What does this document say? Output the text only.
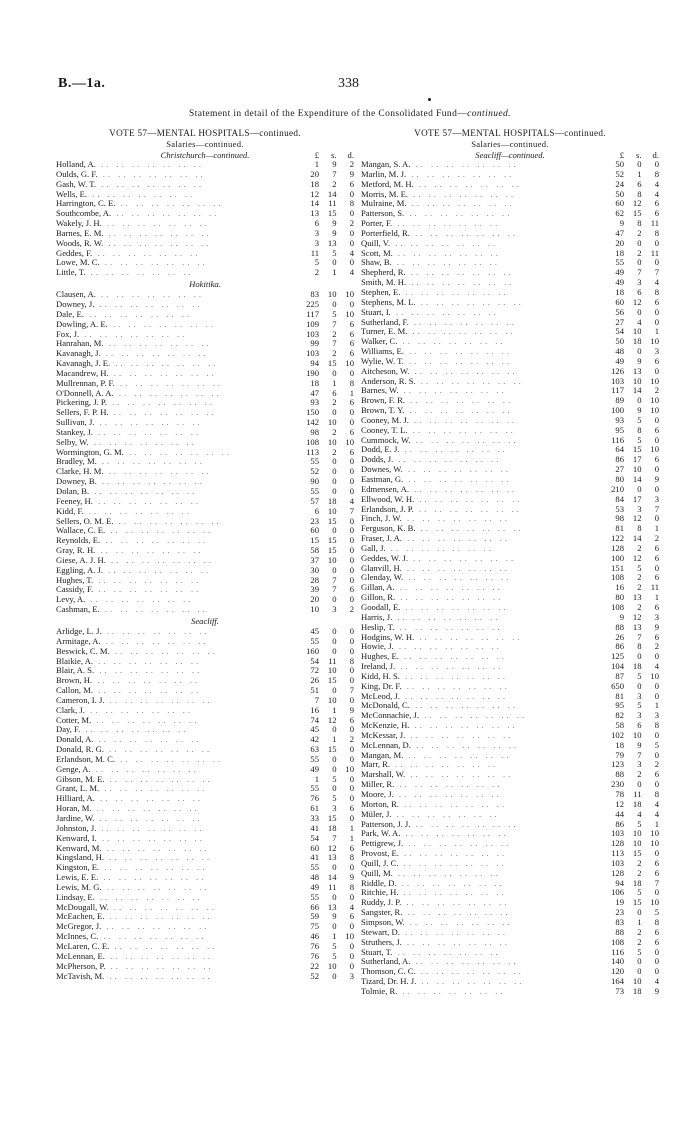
B.—1a.	338
Statement in detail of the Expenditure of the Consolidated Fund—continued.
VOTE 57—MENTAL HOSPITALS—continued.
Salaries—continued.
Christchurch—continued.	£	s.	d.
Holland, A. .. .. .. .. .. .. ..	1	9	2
Oulds, G. F. .. .. .. .. .. .. ..	20	7	9
Gash, W. T. .. .. .. .. .. .. ..	18	2	6
Wells, E. .. .. .. .. .. .. ..	12	14	0
Harrington, C. E. .. .. .. .. .. .. ..	14	11	8
Southcombe, A. .. .. .. .. .. .. ..	13	15	0
Wakely, J. H. .. .. .. .. .. .. ..	6	9	2
Barnes, E. M. .. .. .. .. .. .. ..	3	9	0
Woods, R. W. .. .. .. .. .. .. ..	3	13	0
Geddes, F. .. .. .. .. .. .. ..	11	5	4
Lowe, M. C. .. .. .. .. .. .. ..	5	0	0
Little, T. .. .. .. .. .. .. ..	2	1	4
Hokitika.
Clausen, A. .. .. .. .. .. .. ..	83	10	10
Downey, J. .. .. .. .. .. .. ..	225	0	0
Dale, E. .. .. .. .. .. .. ..	117	5	10
Dowling, A. E. .. .. .. .. .. .. ..	109	7	6
Fox, J. .. .. .. .. .. .. ..	103	2	6
Hanrahan, M. .. .. .. .. .. .. ..	99	7	6
Kavanagh, J. .. .. .. .. .. .. ..	103	2	6
Kavanagh, J. E. .. .. .. .. .. .. ..	94	15	10
Macandrew, H. .. .. .. .. .. .. ..	190	0	0
Mullrennan, P. F. .. .. .. .. .. .. ..	18	1	8
O'Donnell, A. A. .. .. .. .. .. .. ..	47	6	1
Pickering, J. P. .. .. .. .. .. .. ..	93	2	6
Sellers, F. P. H. .. .. .. .. .. .. ..	150	0	0
Sullivan, J. .. .. .. .. .. .. ..	142	10	0
Stankey, J. .. .. .. .. .. .. ..	98	2	6
Selby, W. .. .. .. .. .. .. ..	108	10	10
Wormington, G. M. .. .. .. .. .. .. ..	113	2	6
Bradley, M. .. .. .. .. .. .. ..	55	0	0
Clarke, H. M. .. .. .. .. .. .. ..	52	0	0
Downey, B. .. .. .. .. .. .. ..	90	0	0
Dolan, B. .. .. .. .. .. .. ..	55	0	0
Feeney, H. .. .. .. .. .. .. ..	57	18	4
Kidd, F. .. .. .. .. .. .. ..	6	10	7
Sellers, O. M. E. .. .. .. .. .. .. ..	23	15	0
Wallace, C. E. .. .. .. .. .. .. ..	60	0	0
Reynolds, E. .. .. .. .. .. .. ..	15	15	0
Gray, R. H. .. .. .. .. .. .. ..	58	15	0
Giese, A. J. H. .. .. .. .. .. .. ..	37	10	0
Eggling, A. J. .. .. .. .. .. .. ..	30	0	0
Hughes, T. .. .. .. .. .. .. ..	28	7	0
Cassidy, F. .. .. .. .. .. .. ..	39	7	6
Levy, A. .. .. .. .. .. .. ..	20	0	0
Cashman, E. .. .. .. .. .. .. ..	10	3	2
Seacliff.
Arlidge, L. J. .. .. .. .. .. .. ..	45	0	0
Armitage, A. .. .. .. .. .. .. ..	55	0	0
Beswick, C. M. .. .. .. .. .. .. ..	160	0	0
Blaikie, A. .. .. .. .. .. .. ..	54	11	8
Blair, A. S. .. .. .. .. .. .. ..	72	10	0
Brown, H. .. .. .. .. .. .. ..	26	15	0
Callon, M. .. .. .. .. .. .. ..	51	0	7
Cameron, I. J. .. .. .. .. .. .. ..	7	10	0
Clark, J. .. .. .. .. .. .. ..	16	1	9
Cotter, M. .. .. .. .. .. .. ..	74	12	6
Day, F. .. .. .. .. .. .. ..	45	0	0
Donald, A. .. .. .. .. .. .. ..	42	1	2
Donald, R. G. .. .. .. .. .. .. ..	63	15	0
Erlandson, M. C. .. .. .. .. .. .. ..	55	0	0
Genge, A. .. .. .. .. .. .. ..	49	0	10
Gibson, M. E. .. .. .. .. .. .. ..	1	5	0
Grant, L. M. .. .. .. .. .. .. ..	55	0	0
Hilliard, A. .. .. .. .. .. .. ..	76	5	0
Horan, M. .. .. .. .. .. .. ..	61	3	6
Jardine, W. .. .. .. .. .. .. ..	33	15	0
Johnston, J. .. .. .. .. .. .. ..	41	18	1
Kenward, I. .. .. .. .. .. .. ..	54	7	1
Kenward, M. .. .. .. .. .. .. ..	60	12	6
Kingsland, H. .. .. .. .. .. .. ..	41	13	8
Kingston, E. .. .. .. .. .. .. ..	55	0	0
Lewis, E. E. .. .. .. .. .. .. ..	48	14	9
Lewis, M. G. .. .. .. .. .. .. ..	49	11	8
Lindsay, E. .. .. .. .. .. .. ..	55	0	0
McDougall, W. .. .. .. .. .. .. ..	66	13	4
McEachen, E. .. .. .. .. .. .. ..	59	9	6
McGregor, J. .. .. .. .. .. .. ..	75	0	0
McInnes, C. .. .. .. .. .. .. ..	46	1	10
McLaren, C. E. .. .. .. .. .. .. ..	76	5	0
McLennan, E. .. .. .. .. .. .. ..	76	5	0
McPherson, P. .. .. .. .. .. .. ..	22	10	0
McTavish, M. .. .. .. .. .. .. ..	52	0	3
VOTE 57—MENTAL HOSPITALS—continued.
Salaries—continued.
Seacliff—continued.	£	s.	d.
Mangan, S. A. .. .. .. .. .. .. ..	50	0	0
Marlin, M. J. .. .. .. .. .. .. ..	52	1	8
Metford, M. H. .. .. .. .. .. .. ..	24	6	4
Morris, M. E. .. .. .. .. .. .. ..	50	8	4
Mulraine, M. .. .. .. .. .. .. ..	60	12	6
Patterson, S. .. .. .. .. .. .. ..	62	15	6
Porter, F. .. .. .. .. .. .. ..	9	8	11
Porterfield, R. .. .. .. .. .. .. ..	47	2	8
Quill, V. .. .. .. .. .. .. ..	20	0	0
Scott, M. .. .. .. .. .. .. ..	18	2	11
Shaw, B. .. .. .. .. .. .. ..	55	0	0
Shepherd, R. .. .. .. .. .. .. ..	49	7	7
Smith, M. H. .. .. .. .. .. .. ..	49	3	4
Stephen, E. .. .. .. .. .. .. ..	18	6	8
Stephens, M. L. .. .. .. .. .. .. ..	60	12	6
Stuart, I. .. .. .. .. .. .. ..	56	0	0
Sutherland, F. .. .. .. .. .. .. ..	27	4	0
Turner, E. M. .. .. .. .. .. .. ..	54	10	1
Walker, C. .. .. .. .. .. .. ..	50	18	10
Williams, E. .. .. .. .. .. .. ..	48	0	3
Wylie, W. T. .. .. .. .. .. .. ..	49	9	6
Aitcheson, W. .. .. .. .. .. .. ..	126	13	0
Anderson, R. S. .. .. .. .. .. .. ..	103	10	10
Barnes, W. .. .. .. .. .. .. ..	117	14	2
Brown, F. R. .. .. .. .. .. .. ..	89	0	10
Brown, T. Y. .. .. .. .. .. .. ..	100	9	10
Cooney, M. J. .. .. .. .. .. .. ..	93	5	0
Cooney, T. L. .. .. .. .. .. .. ..	95	8	6
Cummock, W. .. .. .. .. .. .. ..	116	5	0
Dodd, E. J. .. .. .. .. .. .. ..	64	15	10
Dodds, J. .. .. .. .. .. .. ..	86	17	6
Downes, W. .. .. .. .. .. .. ..	27	10	0
Eastman, G. .. .. .. .. .. .. ..	80	14	9
Edmensen, A. .. .. .. .. .. .. ..	210	0	0
Ellwood, W. H. .. .. .. .. .. .. ..	84	17	3
Erlandson, J. P. .. .. .. .. .. .. ..	53	3	7
Finch, J. W. .. .. .. .. .. .. ..	98	12	0
Ferguson, K. B. .. .. .. .. .. .. ..	81	8	1
Fraser, J. A. .. .. .. .. .. .. ..	122	14	2
Gall, J. .. .. .. .. .. .. ..	128	2	6
Geddes, W. J. .. .. .. .. .. .. ..	100	12	6
Glanvill, H. .. .. .. .. .. .. ..	151	5	0
Glenday, W. .. .. .. .. .. .. ..	108	2	6
Gillan, A. .. .. .. .. .. .. ..	16	2	11
Gillon, R. .. .. .. .. .. .. ..	80	13	1
Goodall, E. .. .. .. .. .. .. ..	108	2	6
Harris, J. .. .. .. .. .. .. ..	9	12	3
Heslip, T. .. .. .. .. .. .. ..	88	13	9
Hodgins, W. H. .. .. .. .. .. .. ..	26	7	6
Howie, J. .. .. .. .. .. .. ..	86	8	2
Hughes, E. .. .. .. .. .. .. ..	125	0	0
Ireland, J. .. .. .. .. .. .. ..	104	18	4
Kidd, H. S. .. .. .. .. .. .. ..	87	5	10
King, Dr. F. .. .. .. .. .. .. ..	650	0	0
McLeod, J. .. .. .. .. .. .. ..	81	3	0
McDonald, C. .. .. .. .. .. .. ..	95	5	1
McConnachie, J. .. .. .. .. .. .. ..	82	3	3
McKenzie, H. .. .. .. .. .. .. ..	58	6	8
McKessar, J. .. .. .. .. .. .. ..	102	10	0
McLennan, D. .. .. .. .. .. .. ..	18	9	5
Mangan, M. .. .. .. .. .. .. ..	79	7	0
Marr, R. .. .. .. .. .. .. ..	123	3	2
Marshall, W. .. .. .. .. .. .. ..	88	2	6
Miller, R. .. .. .. .. .. .. ..	230	0	0
Moore, J. .. .. .. .. .. .. ..	78	11	8
Morton, R. .. .. .. .. .. .. ..	12	18	4
Müler, J. .. .. .. .. .. .. ..	44	4	4
Patterson, J. J. .. .. .. .. .. .. ..	86	5	1
Park, W. A. .. .. .. .. .. .. ..	103	10	10
Pettigrew, J. .. .. .. .. .. .. ..	128	10	10
Provost, E. .. .. .. .. .. .. ..	113	15	0
Quill, J. C. .. .. .. .. .. .. ..	103	2	6
Quill, M. .. .. .. .. .. .. ..	128	2	6
Riddle, D. .. .. .. .. .. .. ..	94	18	7
Ritchie, H. .. .. .. .. .. .. ..	106	5	0
Ruddy, J. P. .. .. .. .. .. .. ..	19	15	10
Sangster, R. .. .. .. .. .. .. ..	23	0	5
Simpson, W. .. .. .. .. .. .. ..	83	1	8
Stewart, D. .. .. .. .. .. .. ..	88	2	6
Struthers, J. .. .. .. .. .. .. ..	108	2	6
Stuart, T. .. .. .. .. .. .. ..	116	5	0
Sutherland, A. .. .. .. .. .. .. ..	140	0	0
Thomson, C. C. .. .. .. .. .. .. ..	120	0	0
Tizard, Dr. H. J. .. .. .. .. .. .. ..	164	10	4
Tolmie, R. .. .. .. .. .. .. ..	73	18	9
